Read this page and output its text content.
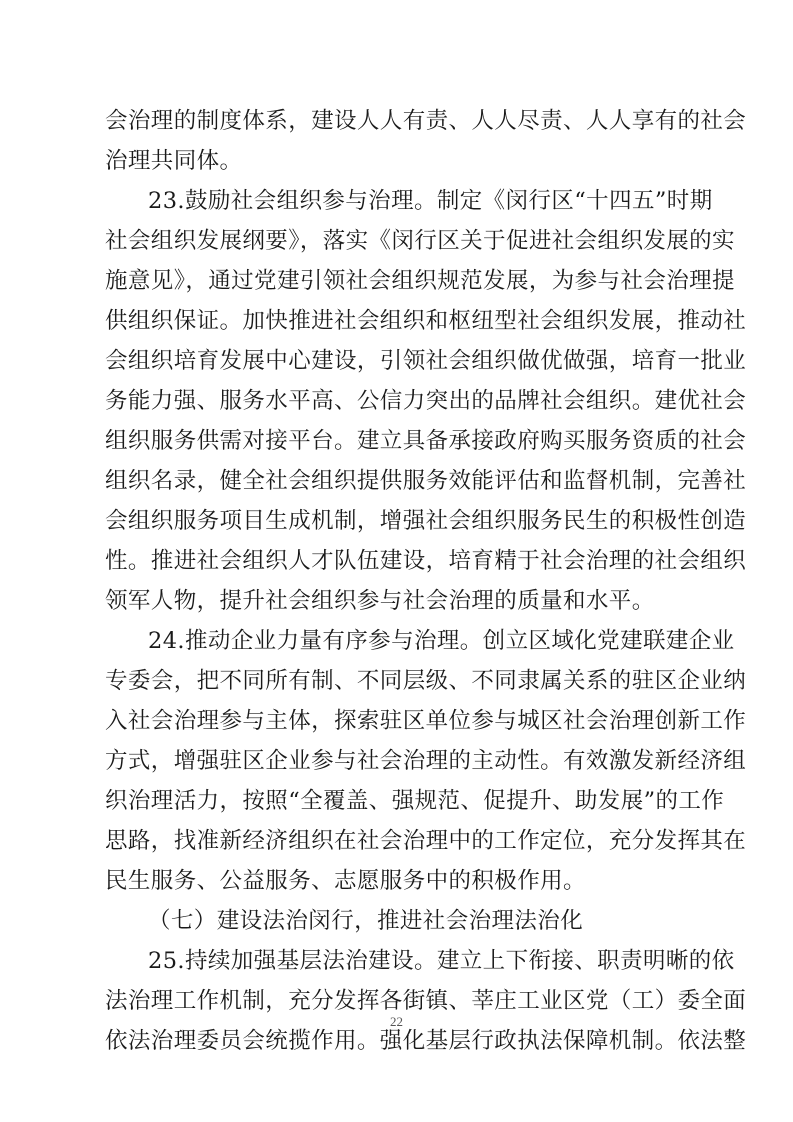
会治理的制度体系，建设人人有责、人人尽责、人人享有的社会
治理共同体。
23.鼓励社会组织参与治理。制定《闵行区“十四五”时期
社会组织发展纲要》，落实《闵行区关于促进社会组织发展的实
施意见》，通过党建引领社会组织规范发展，为参与社会治理提
供组织保证。加快推进社会组织和枢纽型社会组织发展，推动社
会组织培育发展中心建设，引领社会组织做优做强，培育一批业
务能力强、服务水平高、公信力突出的品牌社会组织。建优社会
组织服务供需对接平台。建立具备承接政府购买服务资质的社会
组织名录，健全社会组织提供服务效能评估和监督机制，完善社
会组织服务项目生成机制，增强社会组织服务民生的积极性创造
性。推进社会组织人才队伍建设，培育精于社会治理的社会组织
领军人物，提升社会组织参与社会治理的质量和水平。
24.推动企业力量有序参与治理。创立区域化党建联建企业
专委会，把不同所有制、不同层级、不同隶属关系的驻区企业纳
入社会治理参与主体，探索驻区单位参与城区社会治理创新工作
方式，增强驻区企业参与社会治理的主动性。有效激发新经济组
织治理活力，按照“全覆盖、强规范、促提升、助发展”的工作
思路，找准新经济组织在社会治理中的工作定位，充分发挥其在
民生服务、公益服务、志愿服务中的积极作用。
（七）建设法治闵行，推进社会治理法治化
25.持续加强基层法治建设。建立上下衔接、职责明晰的依
法治理工作机制，充分发挥各街镇、莘庄工业区党（工）委全面
依法治理委员会统揽作用。强化基层行政执法保障机制。依法整
22
